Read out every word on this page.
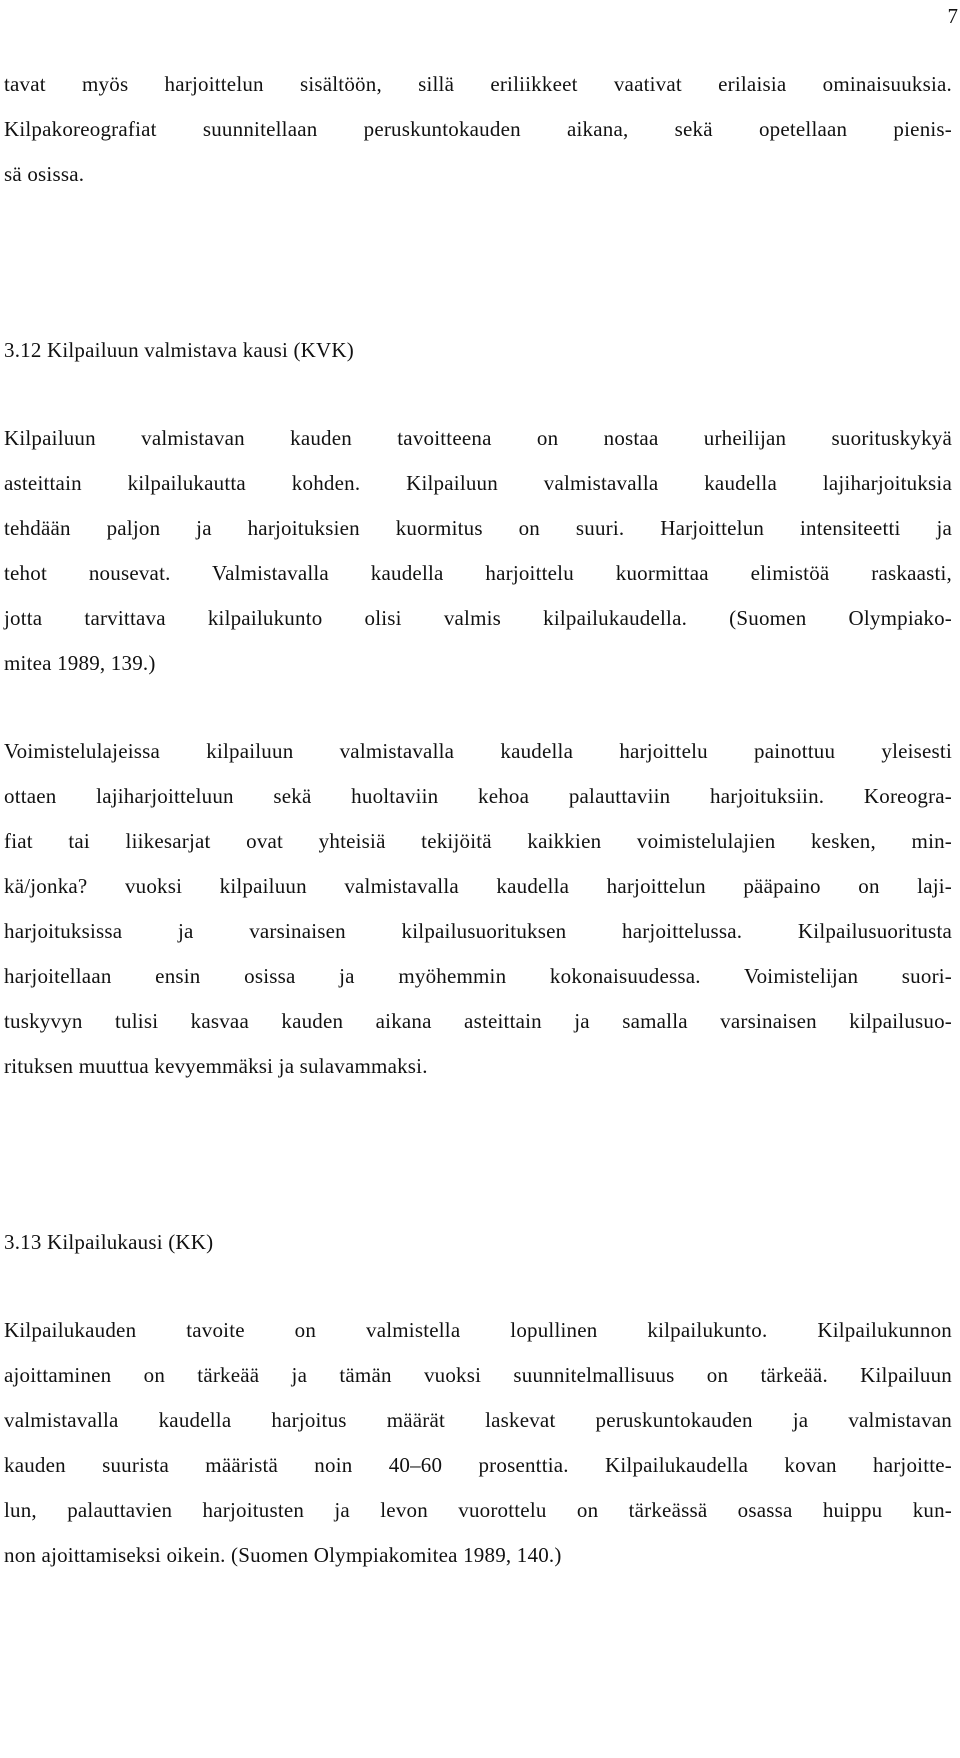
7
tavat myös harjoittelun sisältöön, sillä eriliikkeet vaativat erilaisia ominaisuuksia.
Kilpakoreografiat suunnitellaan peruskuntokauden aikana, sekä opetellaan pienis-
sä osissa.
3.12 Kilpailuun valmistava kausi (KVK)
Kilpailuun valmistavan kauden tavoitteena on nostaa urheilijan suorituskykyä
asteittain kilpailukautta kohden. Kilpailuun valmistavalla kaudella lajiharjoituksia
tehdään paljon ja harjoituksien kuormitus on suuri. Harjoittelun intensiteetti ja
tehot nousevat. Valmistavalla kaudella harjoittelu kuormittaa elimistöä raskaasti,
jotta tarvittava kilpailukunto olisi valmis kilpailukaudella. (Suomen Olympiako-
mitea 1989, 139.)
Voimistelulajeissa kilpailuun valmistavalla kaudella harjoittelu painottuu yleisesti
ottaen lajiharjoitteluun sekä huoltaviin kehoa palauttaviin harjoituksiin. Koreogra-
fiat tai liikesarjat ovat yhteisiä tekijöitä kaikkien voimistelulajien kesken, min-
kä/jonka? vuoksi kilpailuun valmistavalla kaudella harjoittelun pääpaino on laji-
harjoituksissa ja varsinaisen kilpailusuorituksen harjoittelussa. Kilpailusuoritusta
harjoitellaan ensin osissa ja myöhemmin kokonaisuudessa. Voimistelijan suori-
tuskyvyn tulisi kasvaa kauden aikana asteittain ja samalla varsinaisen kilpailusuo-
rituksen muuttua kevyemmäksi ja sulavammaksi.
3.13 Kilpailukausi (KK)
Kilpailukauden tavoite on valmistella lopullinen kilpailukunto. Kilpailukunnon
ajoittaminen on tärkeää ja tämän vuoksi suunnitelmallisuus on tärkeää. Kilpailuun
valmistavalla kaudella harjoitus määrät laskevat peruskuntokauden ja valmistavan
kauden suurista määristä noin 40–60 prosenttia. Kilpailukaudella kovan harjoitte-
lun, palauttavien harjoitusten ja levon vuorottelu on tärkeässä osassa huippu kun-
non ajoittamiseksi oikein. (Suomen Olympiakomitea 1989, 140.)
